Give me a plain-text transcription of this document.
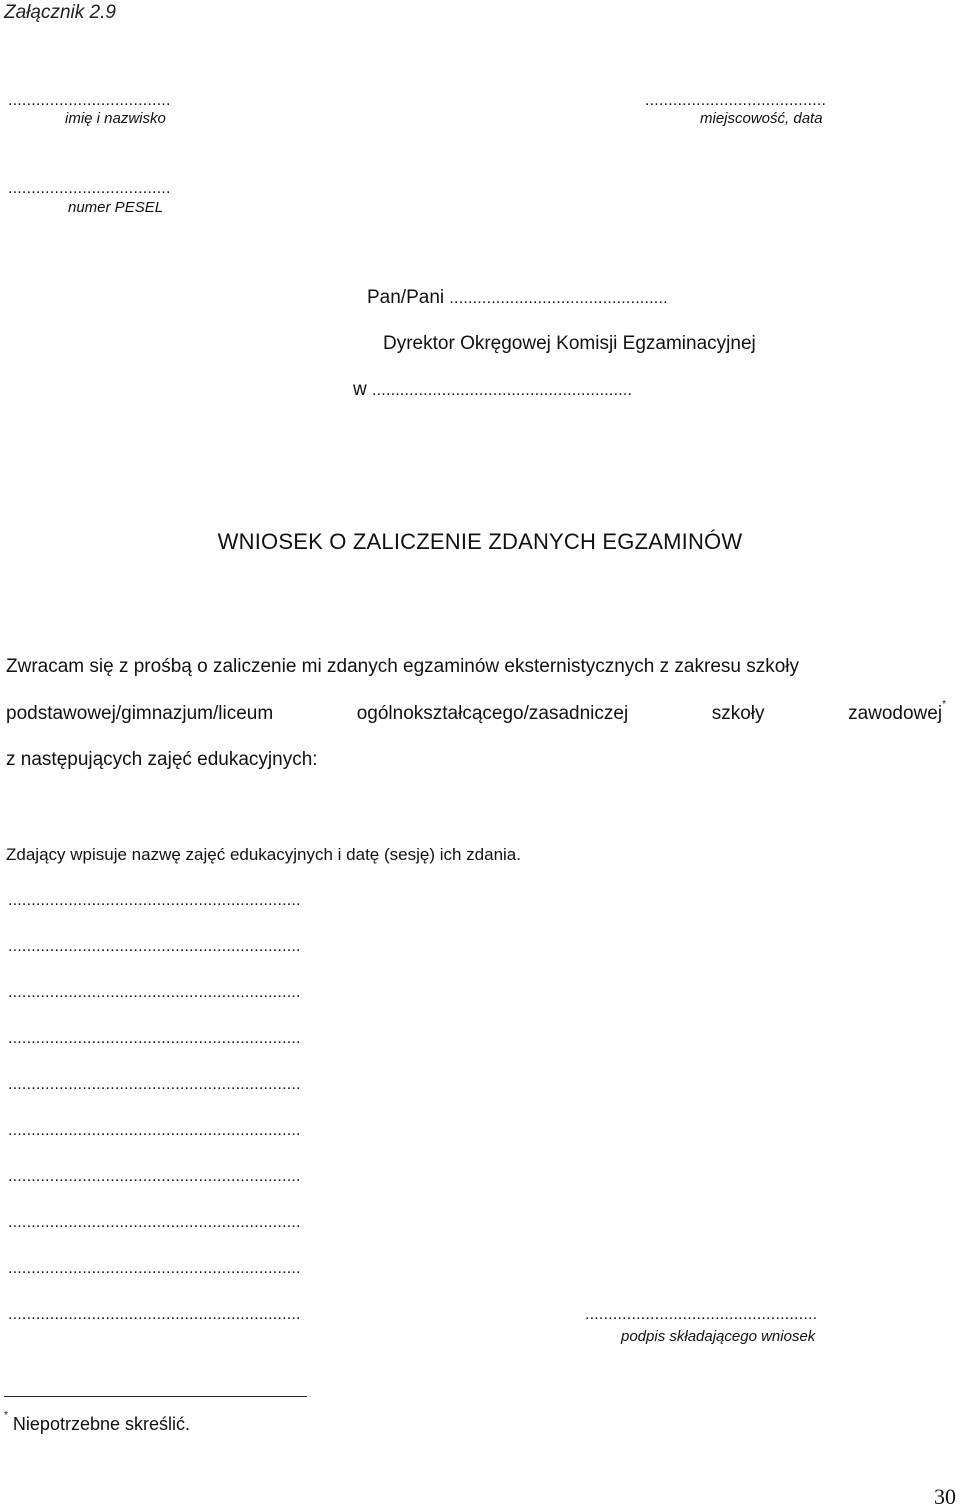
Załącznik 2.9
...................................
imię i nazwisko
.......................................
miejscowość, data
...................................
numer PESEL
Pan/Pani ...............................................
Dyrektor Okręgowej Komisji Egzaminacyjnej
w ........................................................
WNIOSEK O ZALICZENIE ZDANYCH EGZAMINÓW
Zwracam się z prośbą o zaliczenie mi zdanych egzaminów eksternistycznych z zakresu szkoły
podstawowej/gimnazjum/liceum	ogólnokształcącego/zasadniczej	szkoły	zawodowej*
z następujących zajęć edukacyjnych:
Zdający wpisuje nazwę zajęć edukacyjnych i datę (sesję) ich zdania.
...............................................................
...............................................................
...............................................................
...............................................................
...............................................................
...............................................................
...............................................................
...............................................................
...............................................................
...............................................................	..................................................
podpis składającego wniosek
* Niepotrzebne skreślić.
30
